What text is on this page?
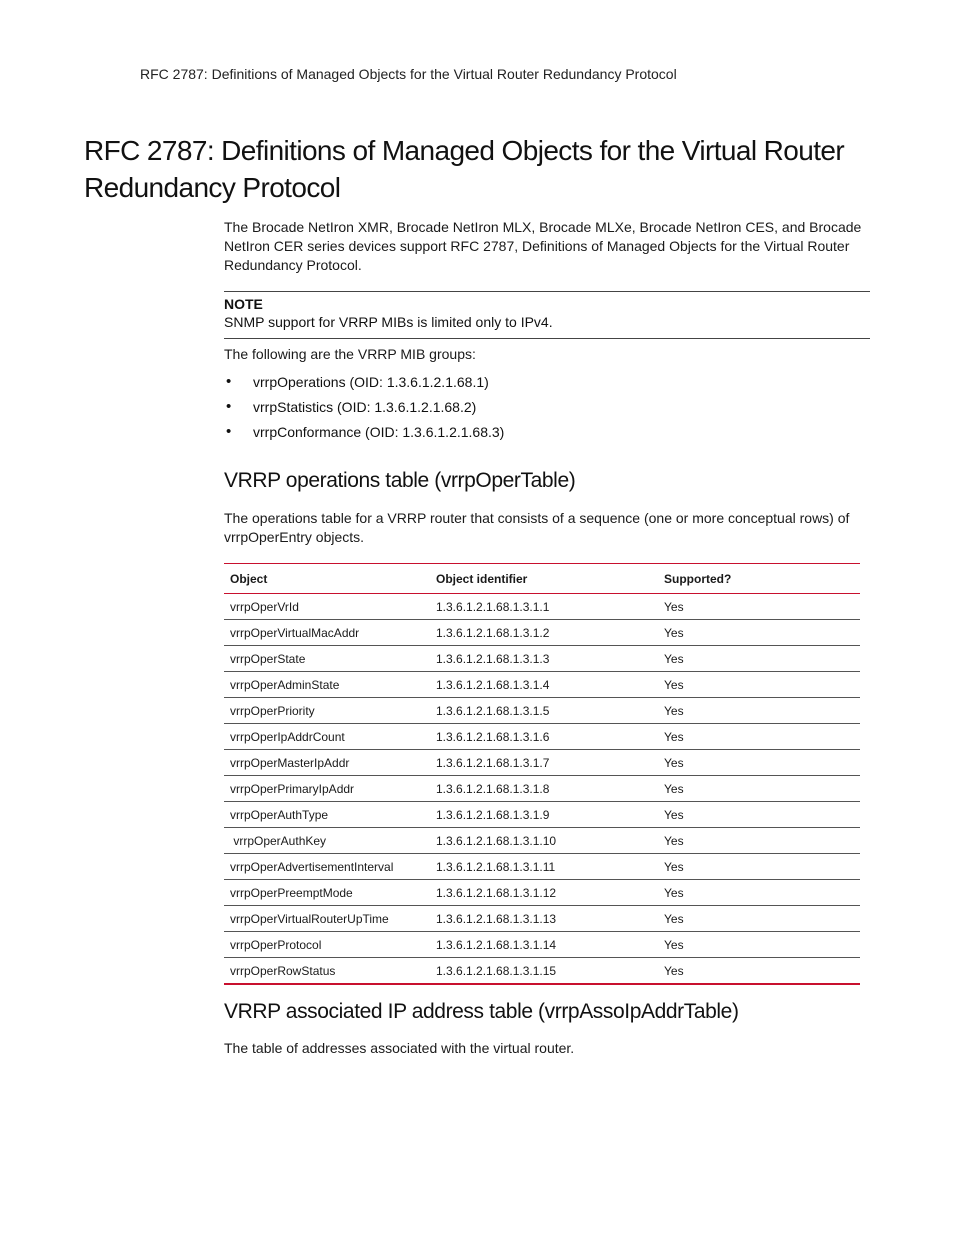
RFC 2787: Definitions of Managed Objects for the Virtual Router Redundancy Protocol

RFC 2787: Definitions of Managed Objects for the Virtual Router Redundancy Protocol

The Brocade NetIron XMR, Brocade NetIron MLX, Brocade MLXe, Brocade NetIron CES, and Brocade NetIron CER series devices support RFC 2787, Definitions of Managed Objects for the Virtual Router Redundancy Protocol.

NOTE
SNMP support for VRRP MIBs is limited only to IPv4.

The following are the VRRP MIB groups:

• vrrpOperations (OID: 1.3.6.1.2.1.68.1)
• vrrpStatistics (OID: 1.3.6.1.2.1.68.2)
• vrrpConformance (OID: 1.3.6.1.2.1.68.3)
VRRP operations table (vrrpOperTable)

The operations table for a VRRP router that consists of a sequence (one or more conceptual rows) of vrrpOperEntry objects.

Object	Object identifier	Supported?
vrrpOperVrId	1.3.6.1.2.1.68.1.3.1.1	Yes
vrrpOperVirtualMacAddr	1.3.6.1.2.1.68.1.3.1.2	Yes
vrrpOperState	1.3.6.1.2.1.68.1.3.1.3	Yes
vrrpOperAdminState	1.3.6.1.2.1.68.1.3.1.4	Yes
vrrpOperPriority	1.3.6.1.2.1.68.1.3.1.5	Yes
vrrpOperIpAddrCount	1.3.6.1.2.1.68.1.3.1.6	Yes
vrrpOperMasterIpAddr	1.3.6.1.2.1.68.1.3.1.7	Yes
vrrpOperPrimaryIpAddr	1.3.6.1.2.1.68.1.3.1.8	Yes
vrrpOperAuthType	1.3.6.1.2.1.68.1.3.1.9	Yes
vrrpOperAuthKey	1.3.6.1.2.1.68.1.3.1.10	Yes
vrrpOperAdvertisementInterval	1.3.6.1.2.1.68.1.3.1.11	Yes
vrrpOperPreemptMode	1.3.6.1.2.1.68.1.3.1.12	Yes
vrrpOperVirtualRouterUpTime	1.3.6.1.2.1.68.1.3.1.13	Yes
vrrpOperProtocol	1.3.6.1.2.1.68.1.3.1.14	Yes
vrrpOperRowStatus	1.3.6.1.2.1.68.1.3.1.15	Yes
VRRP associated IP address table (vrrpAssoIpAddrTable)

The table of addresses associated with the virtual router.
